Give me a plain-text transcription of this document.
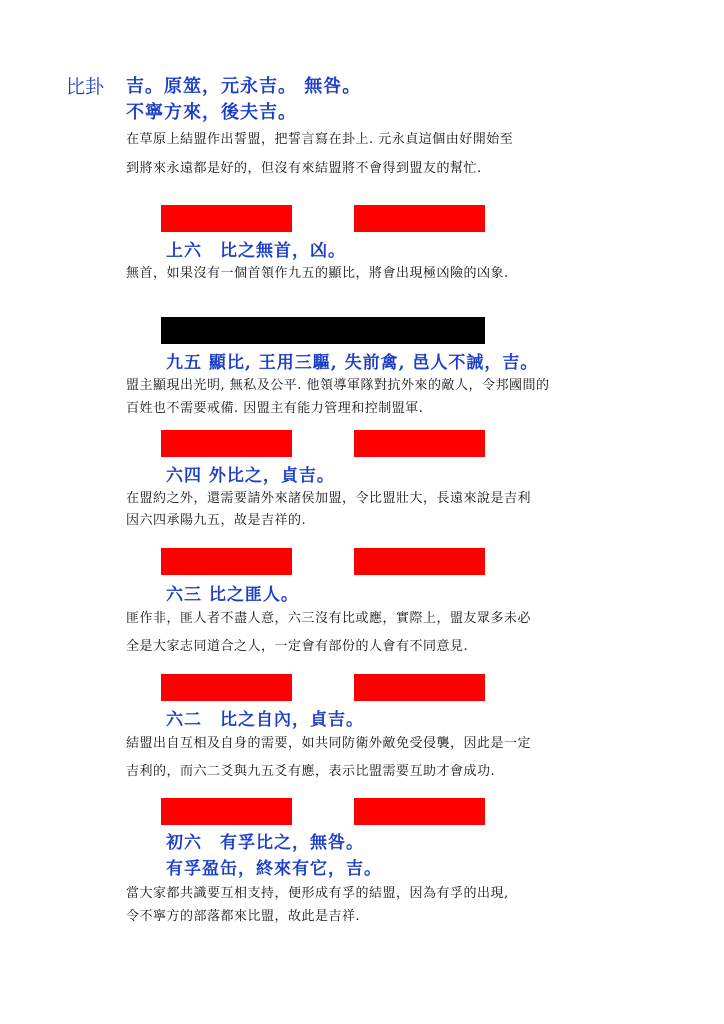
比卦 吉。原筮，元永吉。 無咎。
不寧方來，後夫吉。
在草原上結盟作出誓盟，把誓言寫在卦上. 元永貞這個由好開始至
到將來永遠都是好的，但沒有來結盟將不會得到盟友的幫忙.
上六　比之無首，凶。
無首，如果沒有一個首領作九五的顯比，將會出現極凶險的凶象.
九五 顯比, 王用三驅, 失前禽, 邑人不誡，吉。
盟主顯現出光明, 無私及公平. 他領導軍隊對抗外來的敵人，令邦國間的
百姓也不需要戒備. 因盟主有能力管理和控制盟軍.
六四 外比之，貞吉。
在盟約之外，還需要請外來諸侯加盟，令比盟壯大，長遠來說是吉利
因六四承陽九五，故是吉祥的.
六三 比之匪人。
匪作非，匪人者不盡人意，六三沒有比或應，實際上，盟友眾多未必
全是大家志同道合之人，一定會有部份的人會有不同意見.
六二　比之自內，貞吉。
結盟出自互相及自身的需要，如共同防衛外敵免受侵襲，因此是一定
吉利的，而六二爻與九五爻有應，表示比盟需要互助才會成功.
初六　有孚比之，無咎。
有孚盈缶，終來有它，吉。
當大家都共識要互相支持，便形成有孚的結盟，因為有孚的出現,
令不寧方的部落都來比盟，故此是吉祥.
